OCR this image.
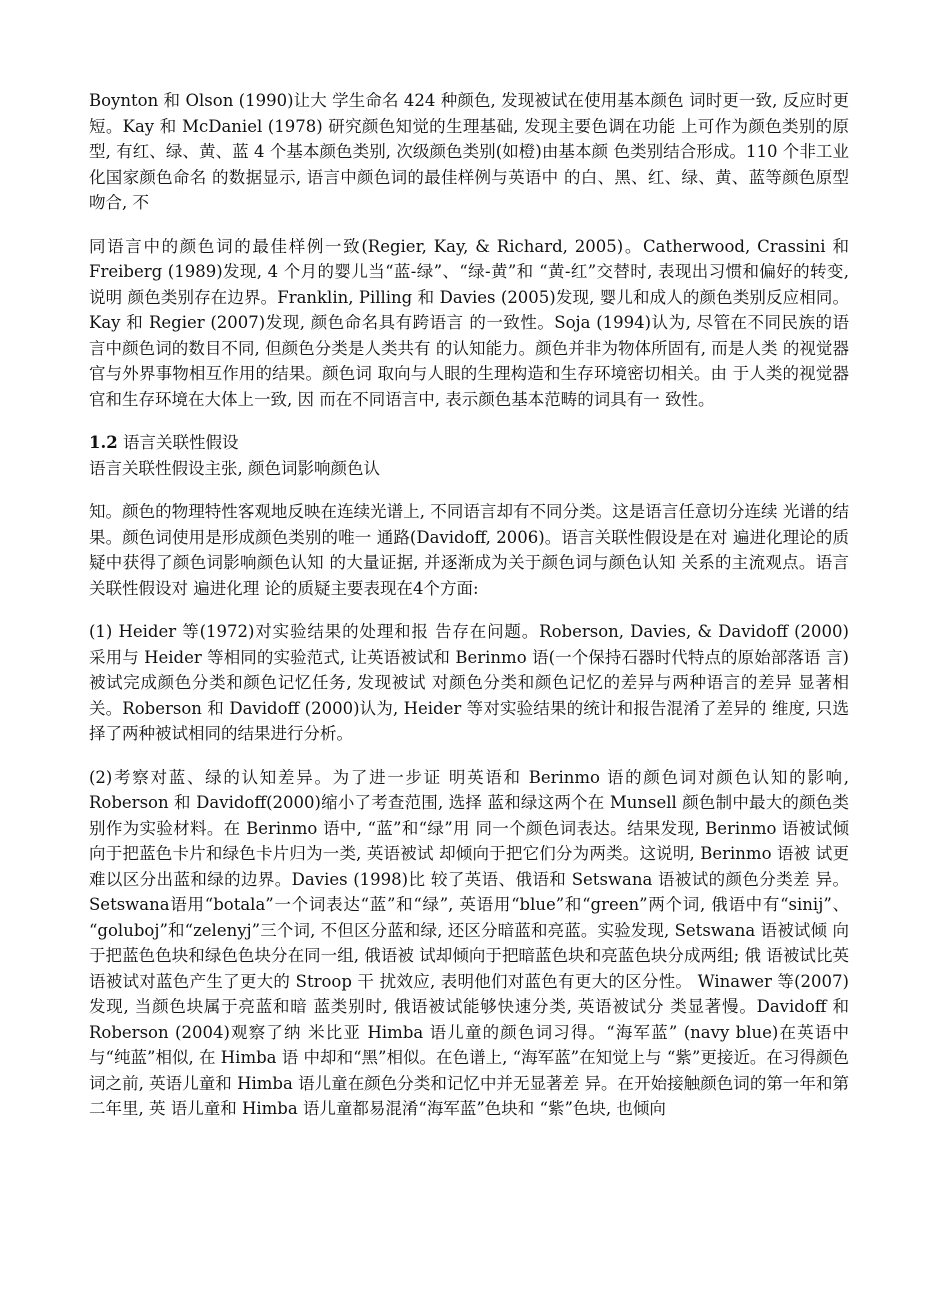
Boynton 和 Olson (1990)让大 学生命名 424 种颜色, 发现被试在使用基本颜色 词时更一致, 反应时更短。Kay 和 McDaniel (1978) 研究颜色知觉的生理基础, 发现主要色调在功能 上可作为颜色类别的原型, 有红、绿、黄、蓝 4 个基本颜色类别, 次级颜色类别(如橙)由基本颜 色类别结合形成。110 个非工业化国家颜色命名 的数据显示, 语言中颜色词的最佳样例与英语中 的白、黑、红、绿、黄、蓝等颜色原型吻合, 不

同语言中的颜色词的最佳样例一致(Regier, Kay, & Richard, 2005)。Catherwood, Crassini 和 Freiberg (1989)发现, 4 个月的婴儿当“蓝-绿”、“绿-黄”和 “黄-红”交替时, 表现出习惯和偏好的转变, 说明 颜色类别存在边界。Franklin, Pilling 和 Davies (2005)发现, 婴儿和成人的颜色类别反应相同。 Kay 和 Regier (2007)发现, 颜色命名具有跨语言 的一致性。Soja (1994)认为, 尽管在不同民族的语 言中颜色词的数目不同, 但颜色分类是人类共有 的认知能力。颜色并非为物体所固有, 而是人类 的视觉器官与外界事物相互作用的结果。颜色词 取向与人眼的生理构造和生存环境密切相关。由 于人类的视觉器官和生存环境在大体上一致, 因 而在不同语言中, 表示颜色基本范畴的词具有一 致性。

1.2 语言关联性假设

语言关联性假设主张, 颜色词影响颜色认

知。颜色的物理特性客观地反映在连续光谱上, 不同语言却有不同分类。这是语言任意切分连续 光谱的结果。颜色词使用是形成颜色类别的唯一 通路(Davidoff, 2006)。语言关联性假设是在对 遍进化理论的质疑中获得了颜色词影响颜色认知 的大量证据, 并逐渐成为关于颜色词与颜色认知 关系的主流观点。语言关联性假设对 遍进化理 论的质疑主要表现在4个方面:

(1) Heider 等(1972)对实验结果的处理和报 告存在问题。Roberson, Davies, & Davidoff (2000) 采用与 Heider 等相同的实验范式, 让英语被试和 Berinmo 语(一个保持石器时代特点的原始部落语 言)被试完成颜色分类和颜色记忆任务, 发现被试 对颜色分类和颜色记忆的差异与两种语言的差异 显著相关。Roberson 和 Davidoff (2000)认为, Heider 等对实验结果的统计和报告混淆了差异的 维度, 只选择了两种被试相同的结果进行分析。

(2)考察对蓝、绿的认知差异。为了进一步证 明英语和 Berinmo 语的颜色词对颜色认知的影响, Roberson 和 Davidoff(2000)缩小了考查范围, 选择 蓝和绿这两个在 Munsell 颜色制中最大的颜色类 别作为实验材料。在 Berinmo 语中, “蓝”和“绿”用 同一个颜色词表达。结果发现, Berinmo 语被试倾 向于把蓝色卡片和绿色卡片归为一类, 英语被试 却倾向于把它们分为两类。这说明, Berinmo 语被 试更难以区分出蓝和绿的边界。Davies (1998)比 较了英语、俄语和 Setswana 语被试的颜色分类差 异。Setswana语用“botala”一个词表达“蓝”和“绿”, 英语用“blue”和“green”两个词, 俄语中有“sinij”、 “goluboj”和“zelenyj”三个词, 不但区分蓝和绿, 还区分暗蓝和亮蓝。实验发现, Setswana 语被试倾 向于把蓝色色块和绿色色块分在同一组, 俄语被 试却倾向于把暗蓝色块和亮蓝色块分成两组; 俄 语被试比英语被试对蓝色产生了更大的 Stroop 干 扰效应, 表明他们对蓝色有更大的区分性。 Winawer 等(2007)发现, 当颜色块属于亮蓝和暗 蓝类别时, 俄语被试能够快速分类, 英语被试分 类显著慢。Davidoff 和 Roberson (2004)观察了纳 米比亚 Himba 语儿童的颜色词习得。“海军蓝” (navy blue)在英语中与“纯蓝”相似, 在 Himba 语 中却和“黑”相似。在色谱上, “海军蓝”在知觉上与 “紫”更接近。在习得颜色词之前, 英语儿童和 Himba 语儿童在颜色分类和记忆中并无显著差 异。在开始接触颜色词的第一年和第二年里, 英 语儿童和 Himba 语儿童都易混淆“海军蓝”色块和 “紫”色块, 也倾向
